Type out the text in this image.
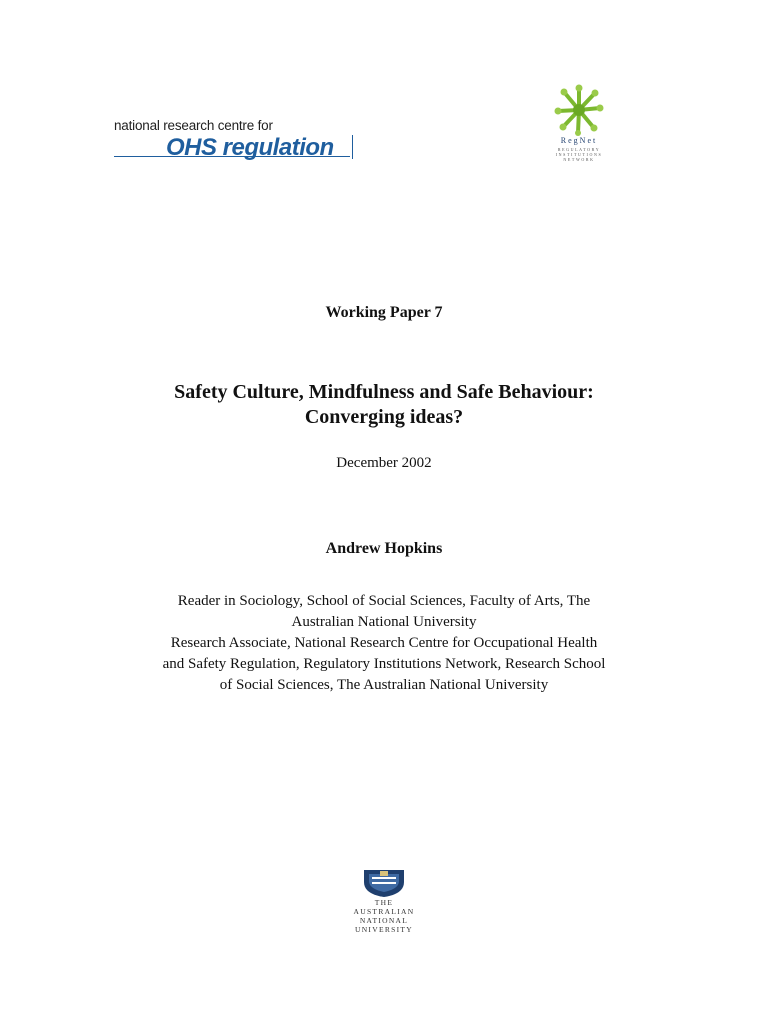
national research centre for
OHS regulation	RegNet
REGULATORY
INSTITUTIONS
NETWORK
Working Paper 7
Safety Culture, Mindfulness and Safe Behaviour:
Converging ideas?
December 2002
Andrew Hopkins
Reader in Sociology, School of Social Sciences, Faculty of Arts, The
Australian National University
Research Associate, National Research Centre for Occupational Health
and Safety Regulation, Regulatory Institutions Network, Research School
of Social Sciences, The Australian National University
THE
AUSTRALIAN
NATIONAL
UNIVERSITY
